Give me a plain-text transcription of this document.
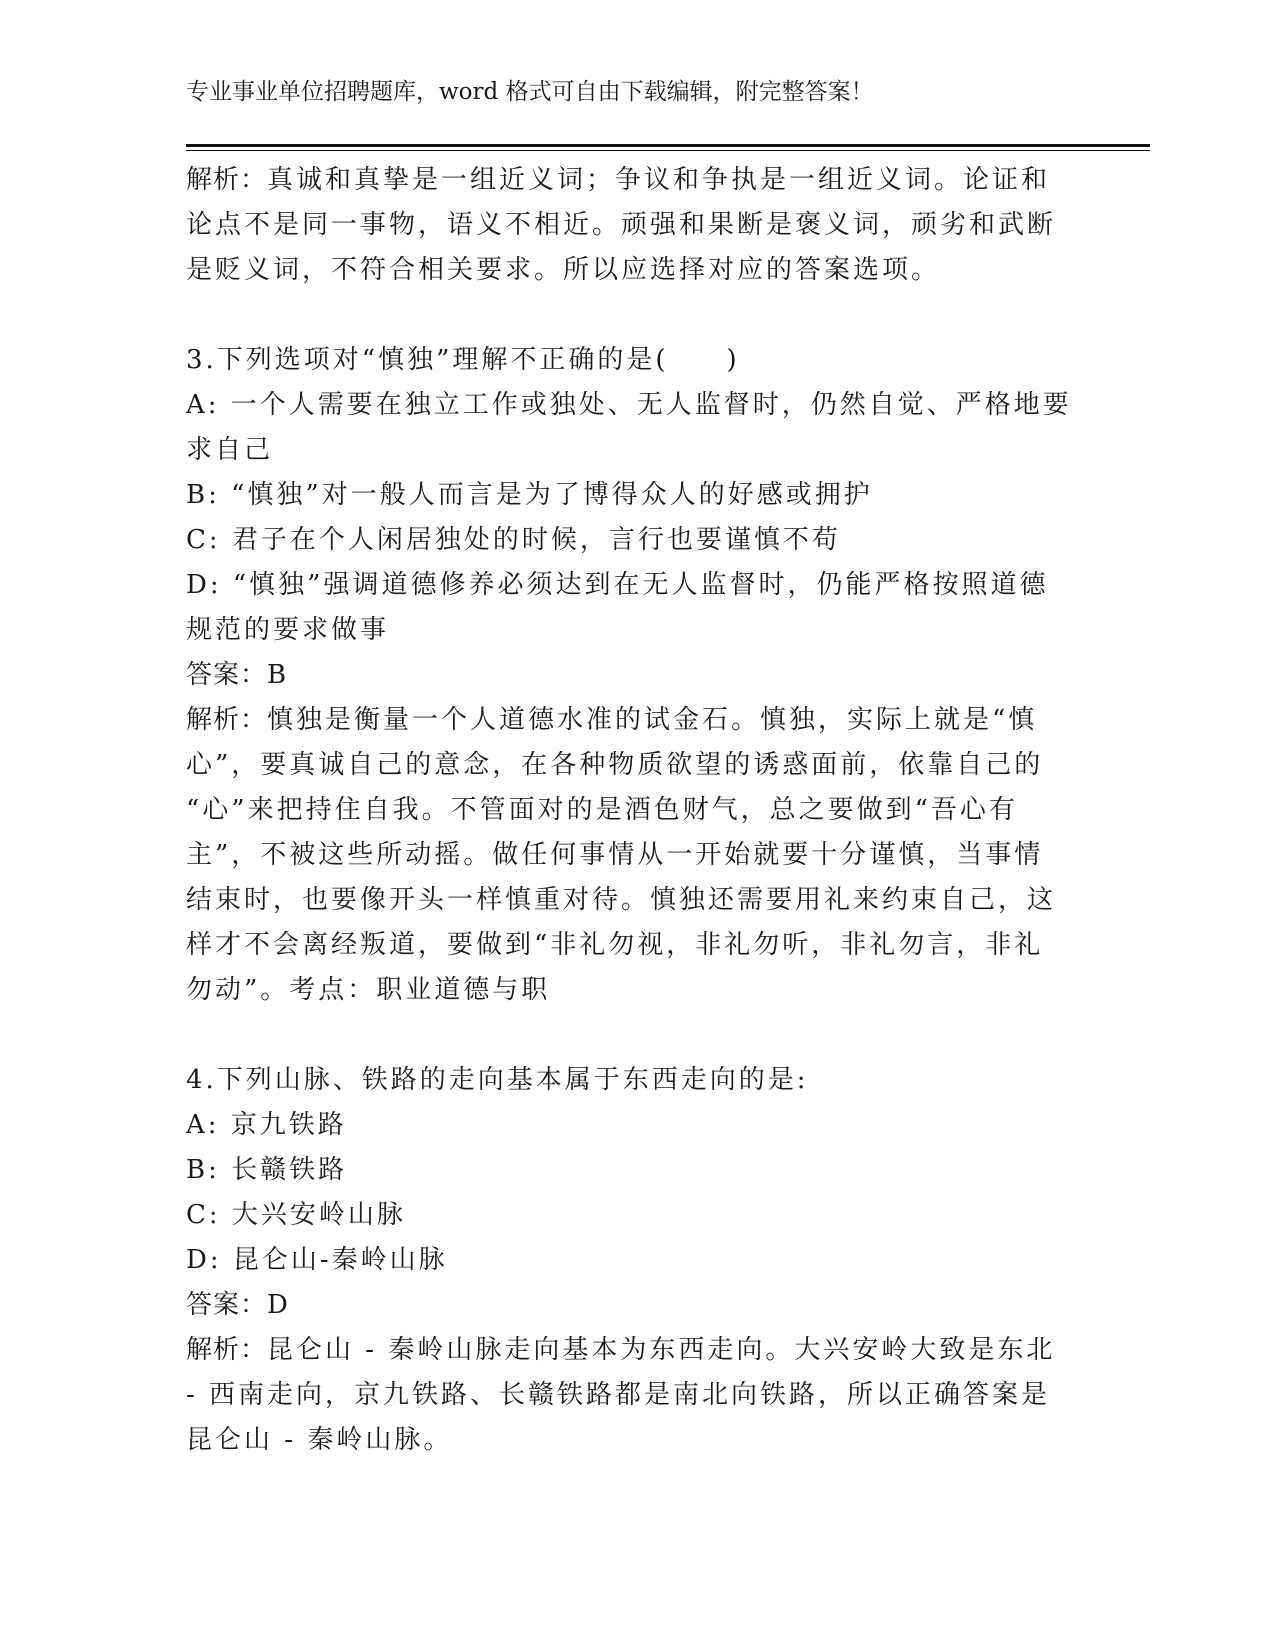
专业事业单位招聘题库，word 格式可自由下载编辑，附完整答案！

解析：真诚和真挚是一组近义词；争议和争执是一组近义词。论证和

论点不是同一事物，语义不相近。顽强和果断是褒义词，顽劣和武断

是贬义词，不符合相关要求。所以应选择对应的答案选项。

3.下列选项对“慎独”理解不正确的是(　　)

A: 一个人需要在独立工作或独处、无人监督时，仍然自觉、严格地要

求自己

B: “慎独”对一般人而言是为了博得众人的好感或拥护

C: 君子在个人闲居独处的时候，言行也要谨慎不苟

D: “慎独”强调道德修养必须达到在无人监督时，仍能严格按照道德

规范的要求做事

答案：B

解析：慎独是衡量一个人道德水准的试金石。慎独，实际上就是“慎

心”，要真诚自己的意念，在各种物质欲望的诱惑面前，依靠自己的

“心”来把持住自我。不管面对的是酒色财气，总之要做到“吾心有

主”，不被这些所动摇。做任何事情从一开始就要十分谨慎，当事情

结束时，也要像开头一样慎重对待。慎独还需要用礼来约束自己，这

样才不会离经叛道，要做到“非礼勿视，非礼勿听，非礼勿言，非礼

勿动”。考点：职业道德与职

4.下列山脉、铁路的走向基本属于东西走向的是:

A: 京九铁路

B: 长赣铁路

C: 大兴安岭山脉

D: 昆仑山-秦岭山脉

答案：D

解析：昆仑山 - 秦岭山脉走向基本为东西走向。大兴安岭大致是东北

- 西南走向，京九铁路、长赣铁路都是南北向铁路，所以正确答案是

昆仑山 - 秦岭山脉。
